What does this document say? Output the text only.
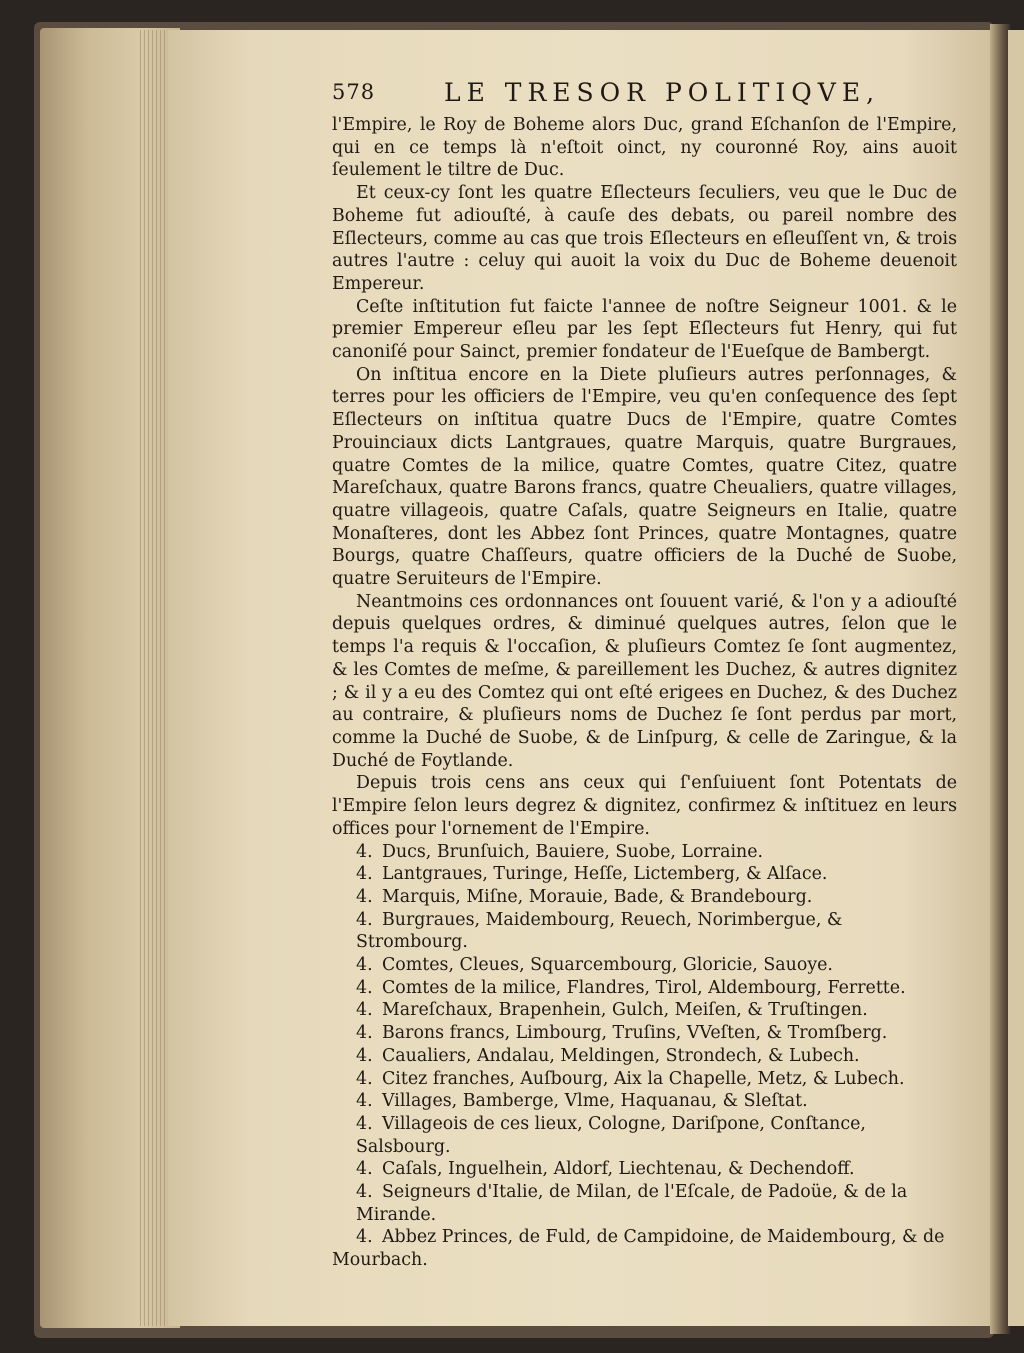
578	LE TRESOR POLITIQVE,

l'Empire, le Roy de Boheme alors Duc, grand Eſchanſon de l'Empire, qui en ce temps là n'eſtoit oinct, ny couronné Roy, ains auoit ſeulement le tiltre de Duc.

Et ceux-cy ſont les quatre Eſlecteurs ſeculiers, veu que le Duc de Boheme fut adiouſté, à cauſe des debats, ou pareil nombre des Eſlecteurs, comme au cas que trois Eſlecteurs en eſleuſſent vn, & trois autres l'autre : celuy qui auoit la voix du Duc de Boheme deuenoit Empereur.

Ceſte inſtitution fut faicte l'annee de noſtre Seigneur 1001. & le premier Empereur eſleu par les ſept Eſlecteurs fut Henry, qui fut canoniſé pour Sainct, premier fondateur de l'Eueſque de Bambergt.

On inſtitua encore en la Diete pluſieurs autres perſonnages, & terres pour les officiers de l'Empire, veu qu'en conſequence des ſept Eſlecteurs on inſtitua quatre Ducs de l'Empire, quatre Comtes Prouinciaux dicts Lantgraues, quatre Marquis, quatre Burgraues, quatre Comtes de la milice, quatre Comtes, quatre Citez, quatre Mareſchaux, quatre Barons francs, quatre Cheualiers, quatre villages, quatre villageois, quatre Caſals, quatre Seigneurs en Italie, quatre Monaſteres, dont les Abbez ſont Princes, quatre Montagnes, quatre Bourgs, quatre Chaſſeurs, quatre officiers de la Duché de Suobe, quatre Seruiteurs de l'Empire.

Neantmoins ces ordonnances ont ſouuent varié, & l'on y a adiouſté depuis quelques ordres, & diminué quelques autres, ſelon que le temps l'a requis & l'occaſion, & pluſieurs Comtez ſe ſont augmentez, & les Comtes de meſme, & pareillement les Duchez, & autres dignitez ; & il y a eu des Comtez qui ont eſté erigees en Duchez, & des Duchez au contraire, & pluſieurs noms de Duchez ſe ſont perdus par mort, comme la Duché de Suobe, & de Linſpurg, & celle de Zaringue, & la Duché de Foytlande.

Depuis trois cens ans ceux qui ſ'enſuiuent ſont Potentats de l'Empire ſelon leurs degrez & dignitez, confirmez & inſtituez en leurs offices pour l'ornement de l'Empire.

4. Ducs, Brunſuich, Bauiere, Suobe, Lorraine.
4. Lantgraues, Turinge, Heſſe, Lictemberg, & Alſace.
4. Marquis, Miſne, Morauie, Bade, & Brandebourg.
4. Burgraues, Maidembourg, Reuech, Norimbergue, & Strombourg.
4. Comtes, Cleues, Squarcembourg, Gloricie, Sauoye.
4. Comtes de la milice, Flandres, Tirol, Aldembourg, Ferrette.
4. Mareſchaux, Brapenhein, Gulch, Meiſen, & Truſtingen.
4. Barons francs, Limbourg, Truſins, VVeſten, & Tromſberg.
4. Caualiers, Andalau, Meldingen, Strondech, & Lubech.
4. Citez franches, Auſbourg, Aix la Chapelle, Metz, & Lubech.
4. Villages, Bamberge, Vlme, Haquanau, & Sleſtat.
4. Villageois de ces lieux, Cologne, Dariſpone, Conſtance, Salsbourg.
4. Caſals, Inguelhein, Aldorf, Liechtenau, & Dechendoff.
4. Seigneurs d'Italie, de Milan, de l'Eſcale, de Padoüe, & de la Mirande.
4. Abbez Princes, de Fuld, de Campidoine, de Maidembourg, & de Mourbach.
